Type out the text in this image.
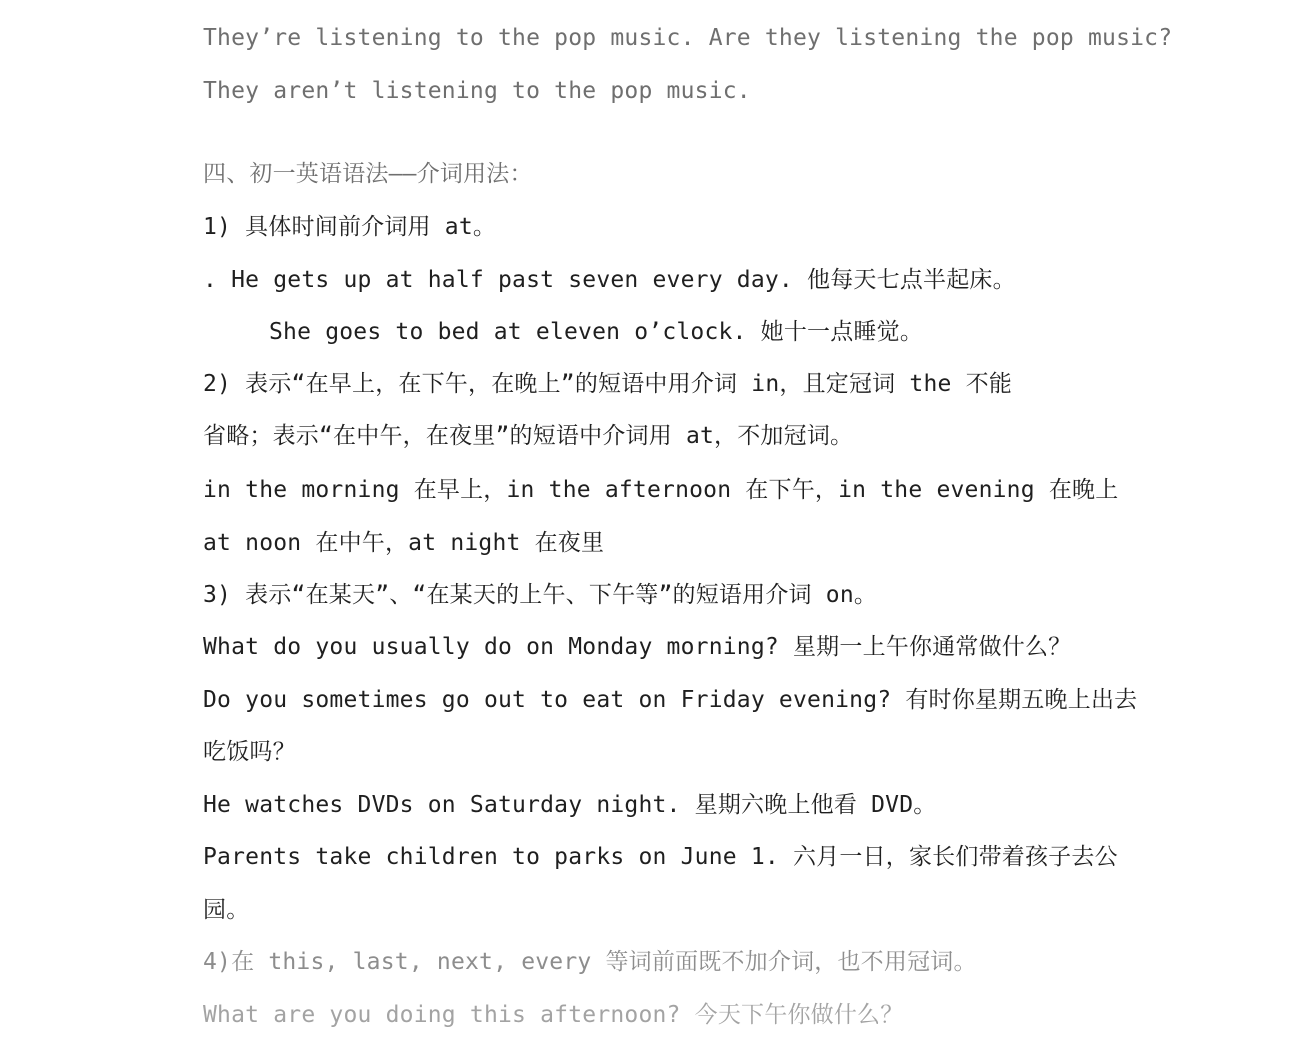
They’re listening to the pop music. Are they listening the pop music?
They aren’t listening to the pop music.
四、初一英语语法——介词用法：
1) 具体时间前介词用 at。
. He gets up at half past seven every day. 他每天七点半起床。
She goes to bed at eleven o’clock. 她十一点睡觉。
2) 表示“在早上，在下午，在晚上”的短语中用介词 in，且定冠词 the 不能
省略；表示“在中午，在夜里”的短语中介词用 at，不加冠词。
in the morning 在早上，in the afternoon 在下午，in the evening 在晚上
at noon 在中午，at night 在夜里
3) 表示“在某天”、“在某天的上午、下午等”的短语用介词 on。
What do you usually do on Monday morning? 星期一上午你通常做什么？
Do you sometimes go out to eat on Friday evening? 有时你星期五晚上出去
吃饭吗？
He watches DVDs on Saturday night. 星期六晚上他看 DVD。
Parents take children to parks on June 1. 六月一日，家长们带着孩子去公
园。
4)在 this, last, next, every 等词前面既不加介词，也不用冠词。
What are you doing this afternoon? 今天下午你做什么？
